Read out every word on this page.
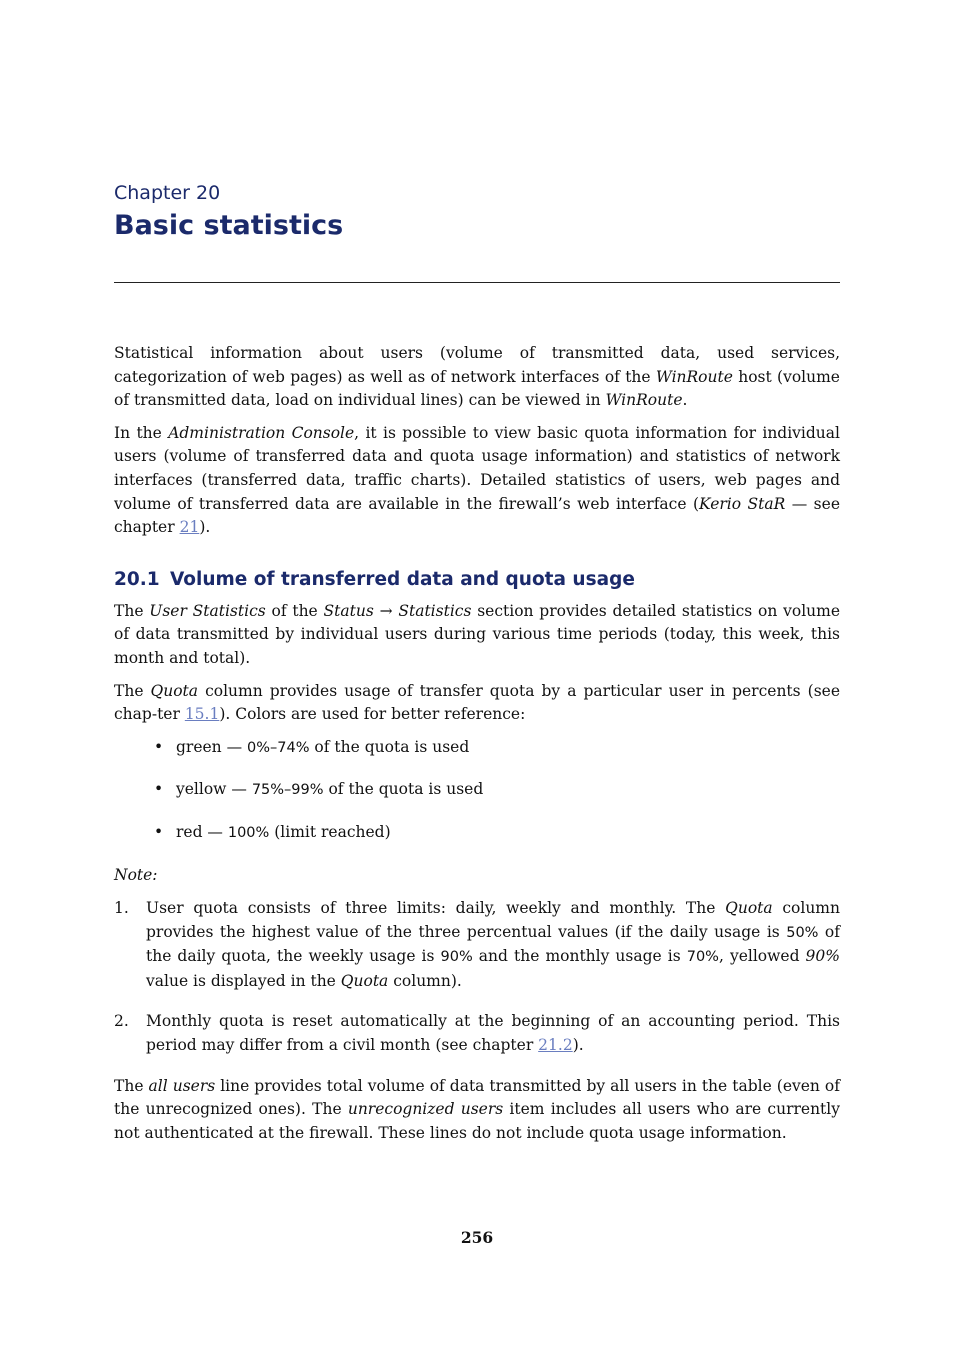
Chapter 20
Basic statistics

Statistical information about users (volume of transmitted data, used services, categorization of web pages) as well as of network interfaces of the WinRoute host (volume of transmitted data, load on individual lines) can be viewed in WinRoute.

In the Administration Console, it is possible to view basic quota information for individual users (volume of transferred data and quota usage information) and statistics of network interfaces (transferred data, traffic charts). Detailed statistics of users, web pages and volume of transferred data are available in the firewall’s web interface (Kerio StaR — see chapter 21).

20.1 Volume of transferred data and quota usage

The User Statistics of the Status → Statistics section provides detailed statistics on volume of data transmitted by individual users during various time periods (today, this week, this month and total).

The Quota column provides usage of transfer quota by a particular user in percents (see chap-ter 15.1). Colors are used for better reference:

• green — 0%–74% of the quota is used
• yellow — 75%–99% of the quota is used
• red — 100% (limit reached)

Note:

1. User quota consists of three limits: daily, weekly and monthly. The Quota column provides the highest value of the three percentual values (if the daily usage is 50% of the daily quota, the weekly usage is 90% and the monthly usage is 70%, yellowed 90% value is displayed in the Quota column).
2. Monthly quota is reset automatically at the beginning of an accounting period. This period may differ from a civil month (see chapter 21.2).

The all users line provides total volume of data transmitted by all users in the table (even of the unrecognized ones). The unrecognized users item includes all users who are currently not authenticated at the firewall. These lines do not include quota usage information.

256
